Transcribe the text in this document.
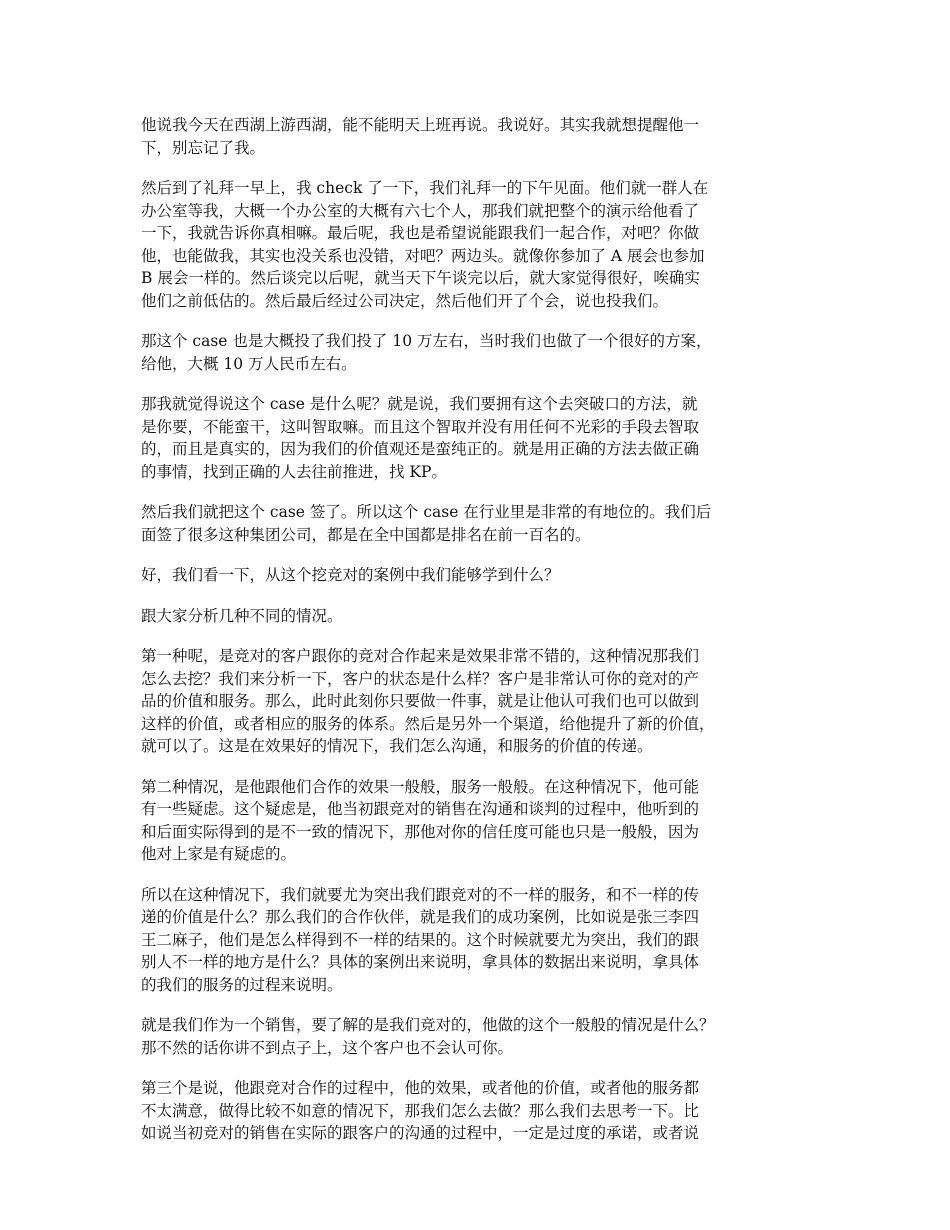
他说我今天在西湖上游西湖，能不能明天上班再说。我说好。其实我就想提醒他一
下，别忘记了我。

然后到了礼拜一早上，我 check 了一下，我们礼拜一的下午见面。他们就一群人在
办公室等我，大概一个办公室的大概有六七个人，那我们就把整个的演示给他看了
一下，我就告诉你真相嘛。最后呢，我也是希望说能跟我们一起合作，对吧？你做
他，也能做我，其实也没关系也没错，对吧？两边头。就像你参加了 A 展会也参加
B 展会一样的。然后谈完以后呢，就当天下午谈完以后，就大家觉得很好，唉确实
他们之前低估的。然后最后经过公司决定，然后他们开了个会，说也投我们。

那这个 case 也是大概投了我们投了 10 万左右，当时我们也做了一个很好的方案，
给他，大概 10 万人民币左右。

那我就觉得说这个 case 是什么呢？就是说，我们要拥有这个去突破口的方法，就
是你要，不能蛮干，这叫智取嘛。而且这个智取并没有用任何不光彩的手段去智取
的，而且是真实的，因为我们的价值观还是蛮纯正的。就是用正确的方法去做正确
的事情，找到正确的人去往前推进，找 KP。

然后我们就把这个 case 签了。所以这个 case 在行业里是非常的有地位的。我们后
面签了很多这种集团公司，都是在全中国都是排名在前一百名的。

好，我们看一下，从这个挖竞对的案例中我们能够学到什么？

跟大家分析几种不同的情况。

第一种呢，是竞对的客户跟你的竞对合作起来是效果非常不错的，这种情况那我们
怎么去挖？我们来分析一下，客户的状态是什么样？客户是非常认可你的竞对的产
品的价值和服务。那么，此时此刻你只要做一件事，就是让他认可我们也可以做到
这样的价值，或者相应的服务的体系。然后是另外一个渠道，给他提升了新的价值，
就可以了。这是在效果好的情况下，我们怎么沟通，和服务的价值的传递。

第二种情况，是他跟他们合作的效果一般般，服务一般般。在这种情况下，他可能
有一些疑虑。这个疑虑是，他当初跟竞对的销售在沟通和谈判的过程中，他听到的
和后面实际得到的是不一致的情况下，那他对你的信任度可能也只是一般般，因为
他对上家是有疑虑的。

所以在这种情况下，我们就要尤为突出我们跟竞对的不一样的服务，和不一样的传
递的价值是什么？那么我们的合作伙伴，就是我们的成功案例，比如说是张三李四
王二麻子，他们是怎么样得到不一样的结果的。这个时候就要尤为突出，我们的跟
别人不一样的地方是什么？具体的案例出来说明，拿具体的数据出来说明，拿具体
的我们的服务的过程来说明。

就是我们作为一个销售，要了解的是我们竞对的，他做的这个一般般的情况是什么？
那不然的话你讲不到点子上，这个客户也不会认可你。

第三个是说，他跟竞对合作的过程中，他的效果，或者他的价值，或者他的服务都
不太满意，做得比较不如意的情况下，那我们怎么去做？那么我们去思考一下。比
如说当初竞对的销售在实际的跟客户的沟通的过程中，一定是过度的承诺，或者说
